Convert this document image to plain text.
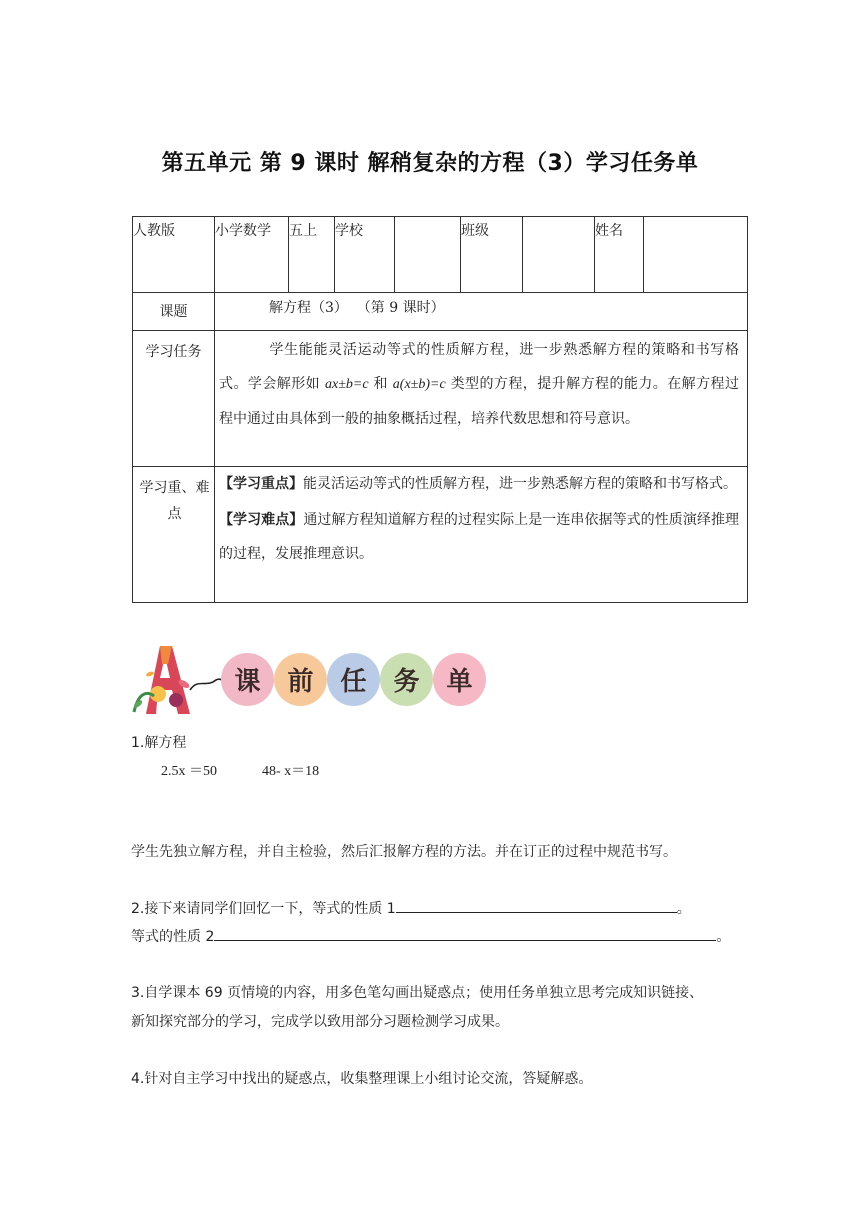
第五单元 第 9 课时 解稍复杂的方程（3）学习任务单
人教版	小学数学	五上	学校		班级		姓名	
课题	解方程（3）  （第 9 课时）							
学习任务	学生能能灵活运动等式的性质解方程，进一步熟悉解方程的策略和书写格式。学会解形如 ax±b=c 和 a(x±b)=c 类型的方程，提升解方程的能力。在解方程过程中通过由具体到一般的抽象概括过程，培养代数思想和符号意识。							

学习重、难点	【学习重点】能灵活运动等式的性质解方程，进一步熟悉解方程的策略和书写格式。
【学习难点】通过解方程知道解方程的过程实际上是一连串依据等式的性质演绎推理的过程，发展推理意识。							
课	前	任	务	单
1.解方程
2.5x ＝50	48- x＝18
学生先独立解方程，并自主检验，然后汇报解方程的方法。并在订正的过程中规范书写。
2.接下来请同学们回忆一下，等式的性质 1	。
等式的性质 2	。
3.自学课本 69 页情境的内容，用多色笔勾画出疑惑点；使用任务单独立思考完成知识链接、
新知探究部分的学习，完成学以致用部分习题检测学习成果。
4.针对自主学习中找出的疑惑点，收集整理课上小组讨论交流，答疑解惑。
